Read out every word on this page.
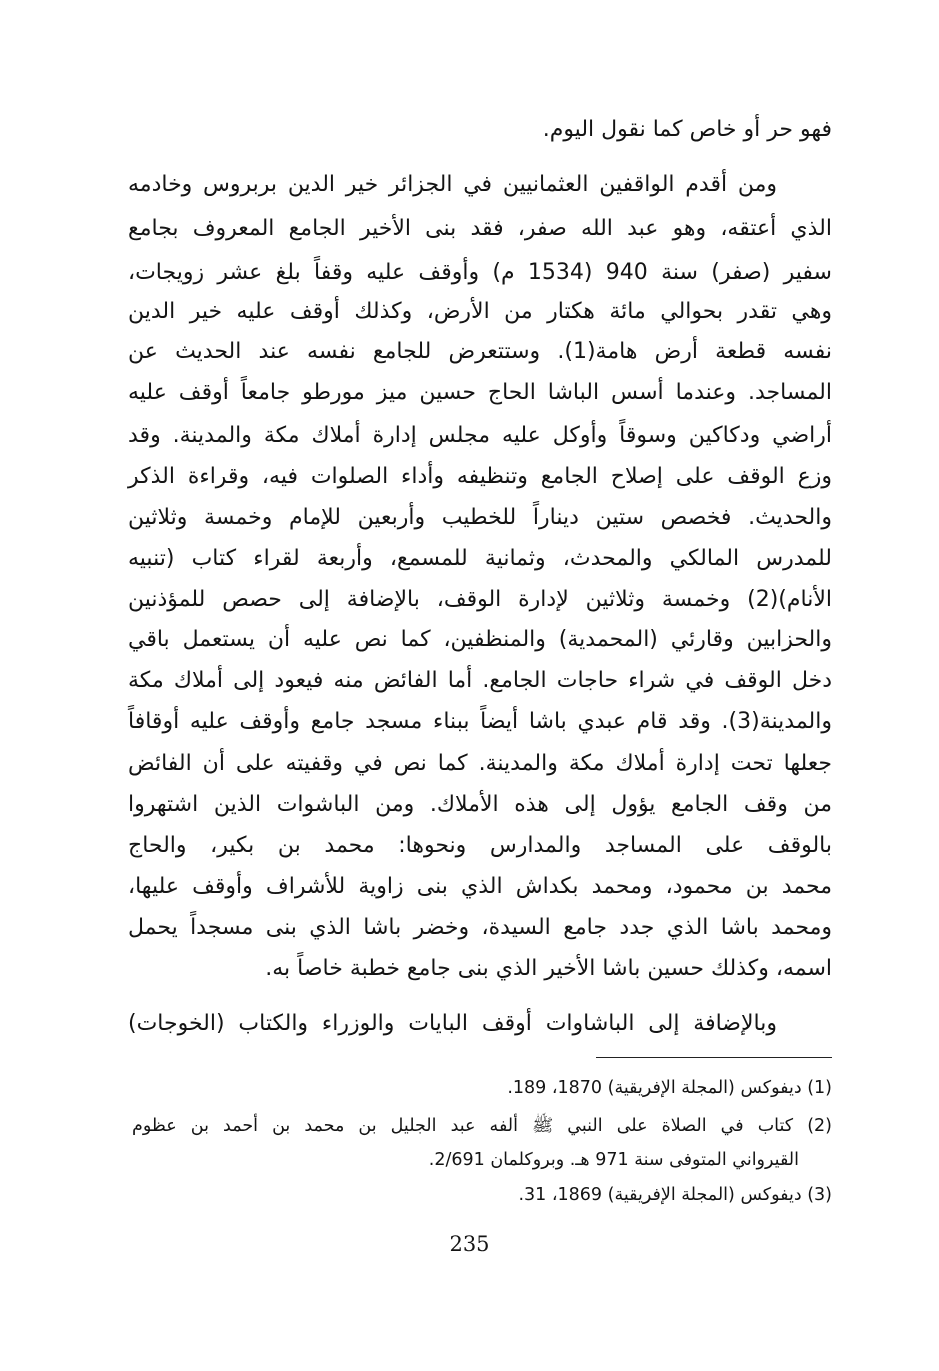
فهو حر أو خاص كما نقول اليوم.
ومن أقدم الواقفين العثمانيين في الجزائر خير الدين بربروس وخادمه
الذي أعتقه، وهو عبد الله صفر، فقد بنى الأخير الجامع المعروف بجامع
سفير (صفر) سنة 940 (1534 م) وأوقف عليه وقفاً بلغ عشر زويجات،
وهي تقدر بحوالي مائة هكتار من الأرض، وكذلك أوقف عليه خير الدين
نفسه قطعة أرض هامة(1). وستتعرض للجامع نفسه عند الحديث عن
المساجد. وعندما أسس الباشا الحاج حسين ميز مورطو جامعاً أوقف عليه
أراضي ودكاكين وسوقاً وأوكل عليه مجلس إدارة أملاك مكة والمدينة. وقد
وزع الوقف على إصلاح الجامع وتنظيفه وأداء الصلوات فيه، وقراءة الذكر
والحديث. فخصص ستين ديناراً للخطيب وأربعين للإمام وخمسة وثلاثين
للمدرس المالكي والمحدث، وثمانية للمسمع، وأربعة لقراء كتاب (تنبيه
الأنام)(2) وخمسة وثلاثين لإدارة الوقف، بالإضافة إلى حصص للمؤذنين
والحزابين وقارئي (المحمدية) والمنظفين، كما نص عليه أن يستعمل باقي
دخل الوقف في شراء حاجات الجامع. أما الفائض منه فيعود إلى أملاك مكة
والمدينة(3). وقد قام عبدي باشا أيضاً ببناء مسجد جامع وأوقف عليه أوقافاً
جعلها تحت إدارة أملاك مكة والمدينة. كما نص في وقفيته على أن الفائض
من وقف الجامع يؤول إلى هذه الأملاك. ومن الباشوات الذين اشتهروا
بالوقف على المساجد والمدارس ونحوها: محمد بن بكير، والحاج
محمد بن محمود، ومحمد بكداش الذي بنى زاوية للأشراف وأوقف عليها،
ومحمد باشا الذي جدد جامع السيدة، وخضر باشا الذي بنى مسجداً يحمل
اسمه، وكذلك حسين باشا الأخير الذي بنى جامع خطبة خاصاً به.
وبالإضافة إلى الباشاوات أوقف البايات والوزراء والكتاب (الخوجات)
(1) ديفوكس (المجلة الإفريقية) 1870، 189.
(2) كتاب في الصلاة على النبي ﷺ ألفه عبد الجليل بن محمد بن أحمد بن عظوم
القيرواني المتوفى سنة 971 هـ. وبروكلمان 2/691.
(3) ديفوكس (المجلة الإفريقية) 1869، 31.
235
